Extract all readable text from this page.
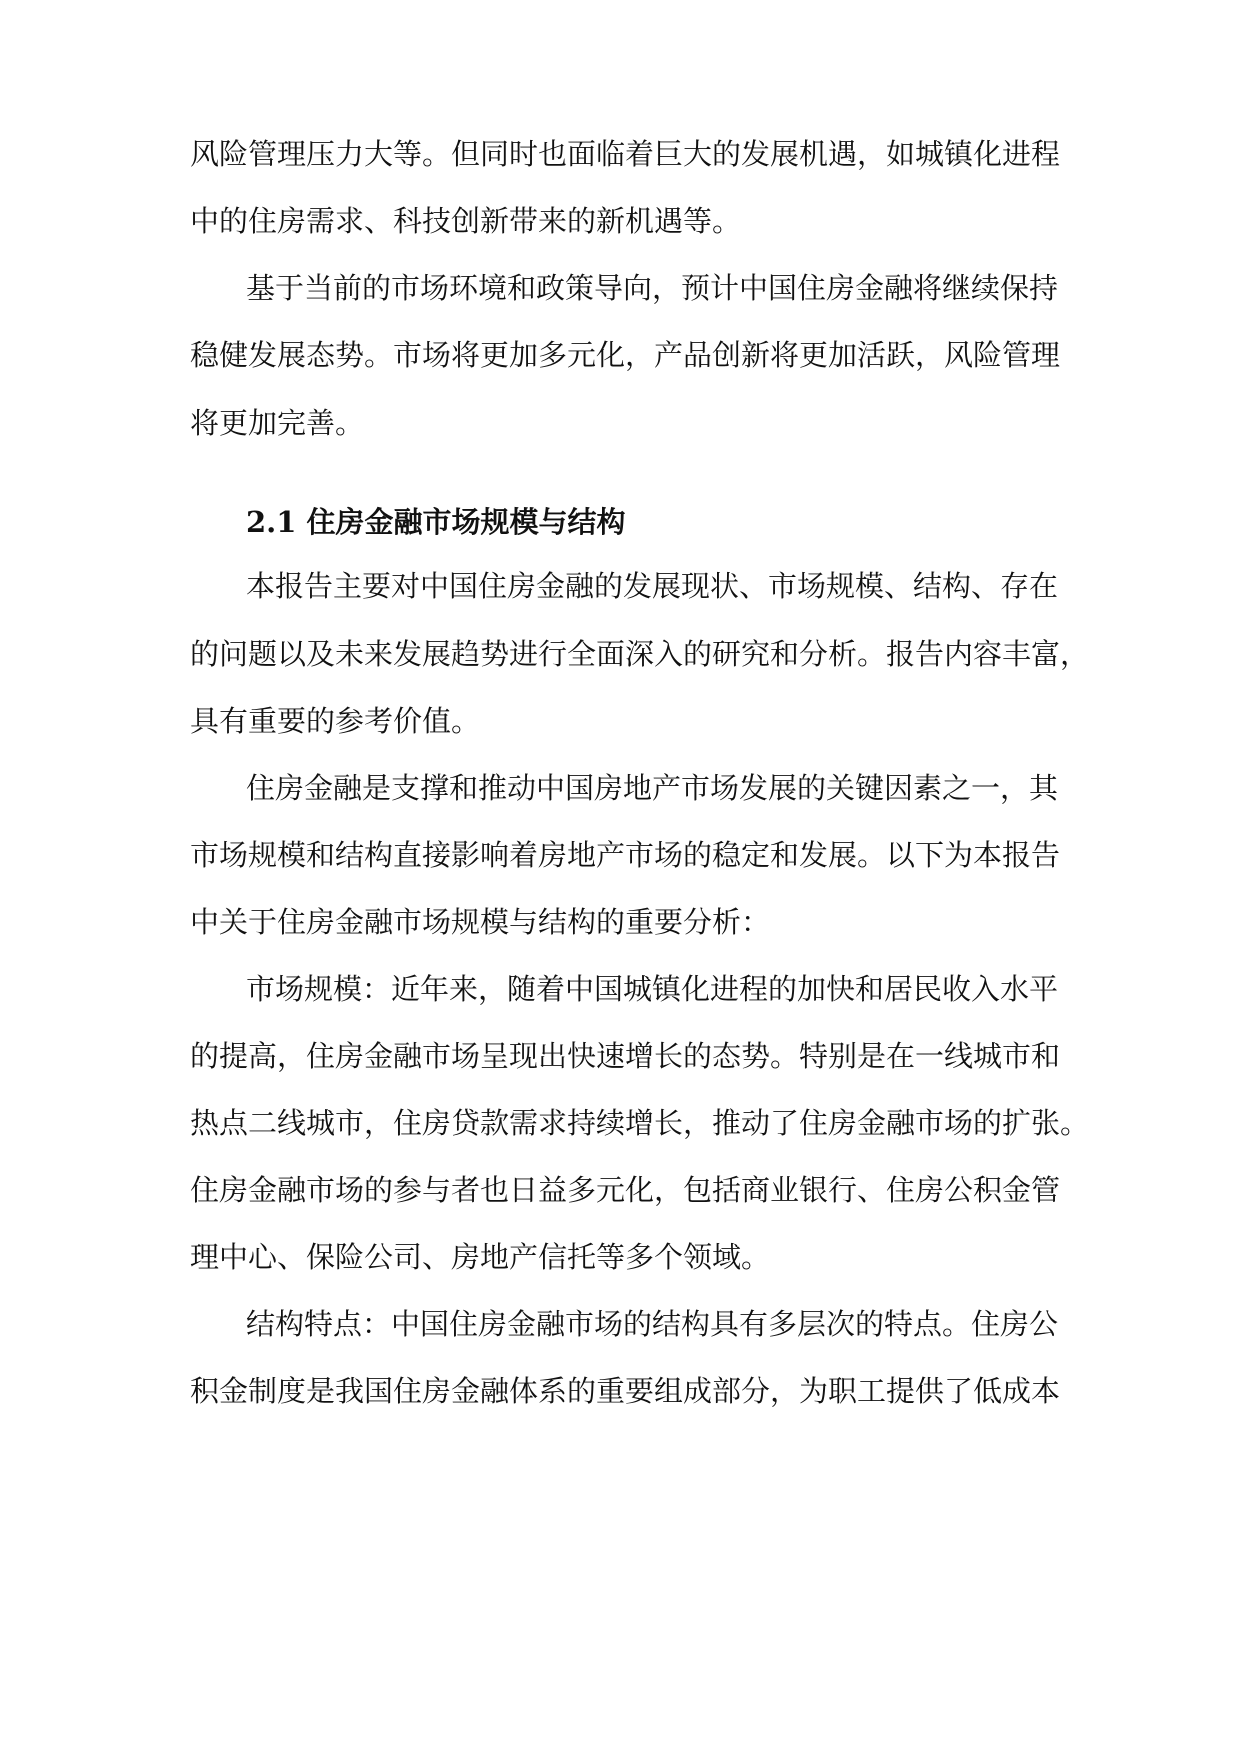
风险管理压力大等。但同时也面临着巨大的发展机遇，如城镇化进程
中的住房需求、科技创新带来的新机遇等。
基于当前的市场环境和政策导向，预计中国住房金融将继续保持
稳健发展态势。市场将更加多元化，产品创新将更加活跃，风险管理
将更加完善。
2.1 住房金融市场规模与结构
本报告主要对中国住房金融的发展现状、市场规模、结构、存在
的问题以及未来发展趋势进行全面深入的研究和分析。报告内容丰富，
具有重要的参考价值。
住房金融是支撑和推动中国房地产市场发展的关键因素之一，其
市场规模和结构直接影响着房地产市场的稳定和发展。以下为本报告
中关于住房金融市场规模与结构的重要分析：
市场规模：近年来，随着中国城镇化进程的加快和居民收入水平
的提高，住房金融市场呈现出快速增长的态势。特别是在一线城市和
热点二线城市，住房贷款需求持续增长，推动了住房金融市场的扩张。
住房金融市场的参与者也日益多元化，包括商业银行、住房公积金管
理中心、保险公司、房地产信托等多个领域。
结构特点：中国住房金融市场的结构具有多层次的特点。住房公
积金制度是我国住房金融体系的重要组成部分，为职工提供了低成本
